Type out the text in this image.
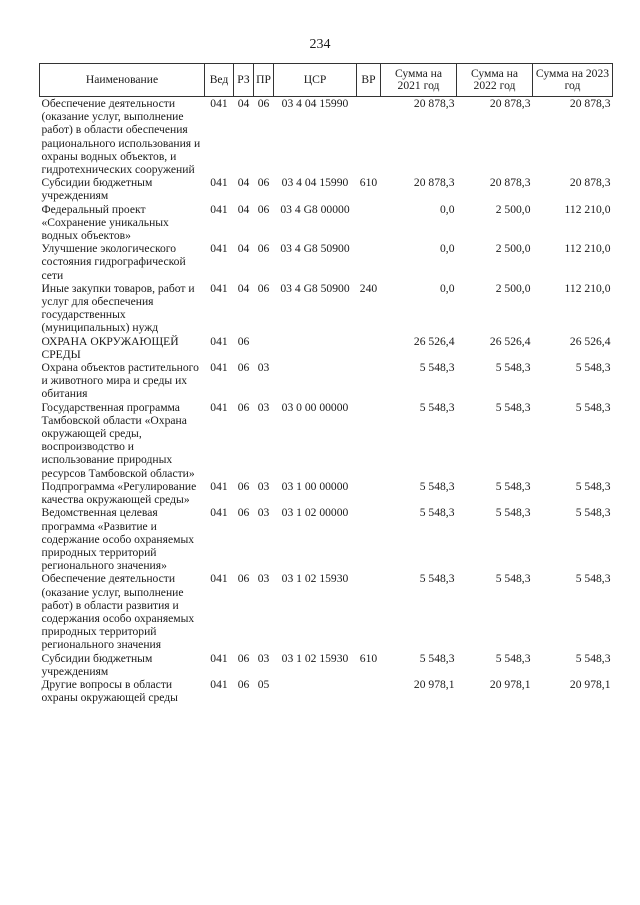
234
Наименование	Вед	РЗ	ПР	ЦСР	ВР	Сумма на 2021 год	Сумма на 2022 год	Сумма на 2023 год
Обеспечение деятельности (оказание услуг, выполнение работ) в области обеспечения рационального использования и охраны водных объектов, и гидротехнических сооружений	041	04	06	03 4 04 15990		20 878,3	20 878,3	20 878,3
Субсидии бюджетным учреждениям	041	04	06	03 4 04 15990	610	20 878,3	20 878,3	20 878,3
Федеральный проект «Сохранение уникальных водных объектов»	041	04	06	03 4 G8 00000		0,0	2 500,0	112 210,0
Улучшение экологического состояния гидрографической сети	041	04	06	03 4 G8 50900		0,0	2 500,0	112 210,0
Иные закупки товаров, работ и услуг для обеспечения государственных (муниципальных) нужд	041	04	06	03 4 G8 50900	240	0,0	2 500,0	112 210,0
ОХРАНА ОКРУЖАЮЩЕЙ СРЕДЫ	041	06				26 526,4	26 526,4	26 526,4
Охрана объектов растительного и животного мира и среды их обитания	041	06	03			5 548,3	5 548,3	5 548,3
Государственная программа Тамбовской области «Охрана окружающей среды, воспроизводство и использование природных ресурсов Тамбовской области»	041	06	03	03 0 00 00000		5 548,3	5 548,3	5 548,3
Подпрограмма «Регулирование качества окружающей среды»	041	06	03	03 1 00 00000		5 548,3	5 548,3	5 548,3
Ведомственная целевая программа «Развитие и содержание особо охраняемых природных территорий регионального значения»	041	06	03	03 1 02 00000		5 548,3	5 548,3	5 548,3
Обеспечение деятельности (оказание услуг, выполнение работ) в области развития и содержания особо охраняемых природных территорий регионального значения	041	06	03	03 1 02 15930		5 548,3	5 548,3	5 548,3
Субсидии бюджетным учреждениям	041	06	03	03 1 02 15930	610	5 548,3	5 548,3	5 548,3
Другие вопросы в области охраны окружающей среды	041	06	05			20 978,1	20 978,1	20 978,1
